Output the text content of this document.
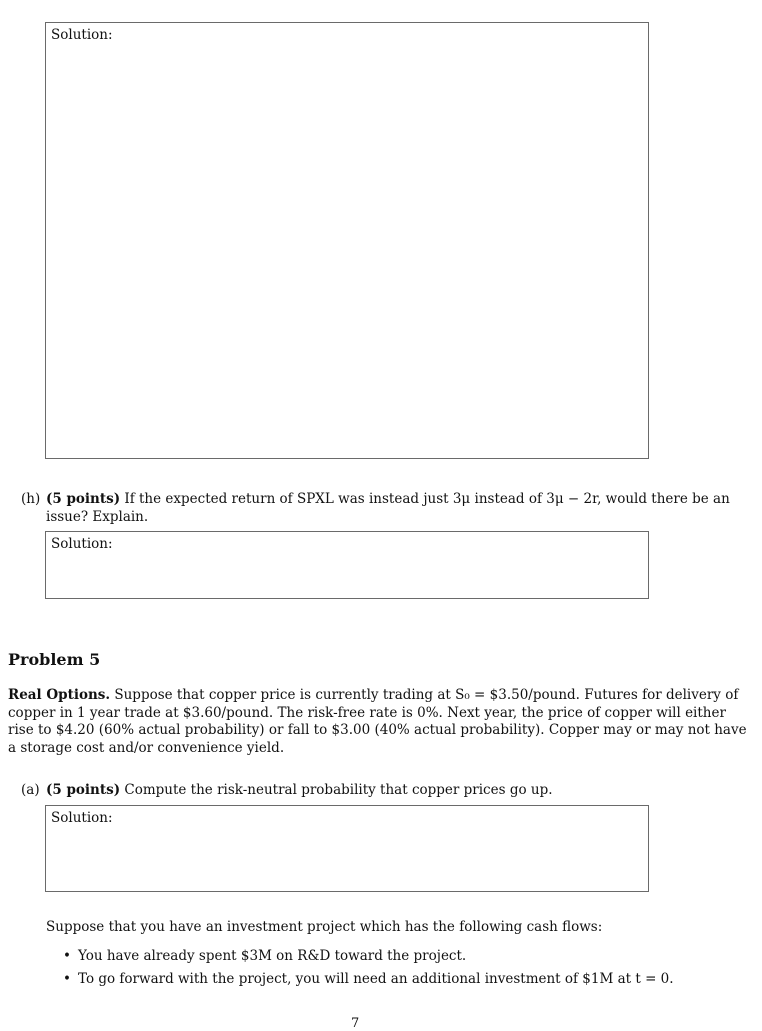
Solution:
(h) (5 points) If the expected return of SPXL was instead just 3μ instead of 3μ − 2r, would there be an
issue? Explain.
Solution:
Problem 5
Real Options. Suppose that copper price is currently trading at S₀ = $3.50/pound. Futures for delivery of
copper in 1 year trade at $3.60/pound. The risk-free rate is 0%. Next year, the price of copper will either
rise to $4.20 (60% actual probability) or fall to $3.00 (40% actual probability). Copper may or may not have
a storage cost and/or convenience yield.
(a) (5 points) Compute the risk-neutral probability that copper prices go up.
Solution:
Suppose that you have an investment project which has the following cash flows:
• You have already spent $3M on R&D toward the project.
• To go forward with the project, you will need an additional investment of $1M at t = 0.
7
